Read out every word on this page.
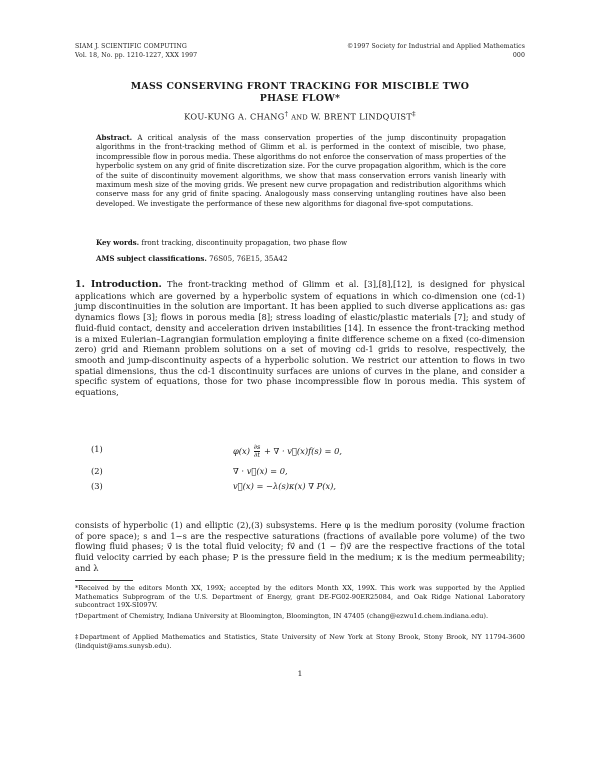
SIAM J. SCIENTIFIC COMPUTING
Vol. 18, No. pp. 1210-1227, XXX 1997
©1997 Society for Industrial and Applied Mathematics
000
MASS CONSERVING FRONT TRACKING FOR MISCIBLE TWO
PHASE FLOW*
KOU-KUNG A. CHANG† AND W. BRENT LINDQUIST‡
Abstract. A critical analysis of the mass conservation properties of the jump discontinuity propagation algorithms in the front-tracking method of Glimm et al. is performed in the context of miscible, two phase, incompressible flow in porous media. These algorithms do not enforce the conservation of mass properties of the hyperbolic system on any grid of finite discretization size. For the curve propagation algorithm, which is the core of the suite of discontinuity movement algorithms, we show that mass conservation errors vanish linearly with maximum mesh size of the moving grids. We present new curve propagation and redistribution algorithms which conserve mass for any grid of finite spacing. Analogously mass conserving untangling routines have also been developed. We investigate the performance of these new algorithms for diagonal five-spot computations.
Key words. front tracking, discontinuity propagation, two phase flow
AMS subject classifications. 76S05, 76E15, 35A42
1. Introduction. The front-tracking method of Glimm et al. [3],[8],[12], is designed for physical applications which are governed by a hyperbolic system of equations in which co-dimension one (cd-1) jump discontinuities in the solution are important. It has been applied to such diverse applications as: gas dynamics flows [3]; flows in porous media [8]; stress loading of elastic/plastic materials [7]; and study of fluid-fluid contact, density and acceleration driven instabilities [14]. In essence the front-tracking method is a mixed Eulerian–Lagrangian formulation employing a finite difference scheme on a fixed (co-dimension zero) grid and Riemann problem solutions on a set of moving cd-1 grids to resolve, respectively, the smooth and jump-discontinuity aspects of a hyperbolic solution. We restrict our attention to flows in two spatial dimensions, thus the cd-1 discontinuity surfaces are unions of curves in the plane, and consider a specific system of equations, those for two phase incompressible flow in porous media. This system of equations,
(1)	$\varphi(x) \frac{\partial s}{\partial t}$ + ∇ · v⃗(x)f(s) = 0,
(2)	∇ · v⃗(x) = 0,
(3)	v⃗(x) = −λ(s)κ(x) ∇ P(x),
consists of hyperbolic (1) and elliptic (2),(3) subsystems. Here φ is the medium porosity (volume fraction of pore space); s and 1−s are the respective saturations (fractions of available pore volume) of the two flowing fluid phases; v⃗ is the total fluid velocity; fv⃗ and (1 − f)v⃗ are the respective fractions of the total fluid velocity carried by each phase; P is the pressure field in the medium; κ is the medium permeability; and λ
*Received by the editors Month XX, 199X; accepted by the editors Month XX, 199X. This work was supported by the Applied Mathematics Subprogram of the U.S. Department of Energy, grant DE-FG02-90ER25084, and Oak Ridge National Laboratory subcontract 19X-SI097V.
†Department of Chemistry, Indiana University at Bloomington, Bloomington, IN 47405 (chang@ezwu1d.chem.indiana.edu).
‡Department of Applied Mathematics and Statistics, State University of New York at Stony Brook, Stony Brook, NY 11794-3600 (lindquist@ams.sunysb.edu).
1
